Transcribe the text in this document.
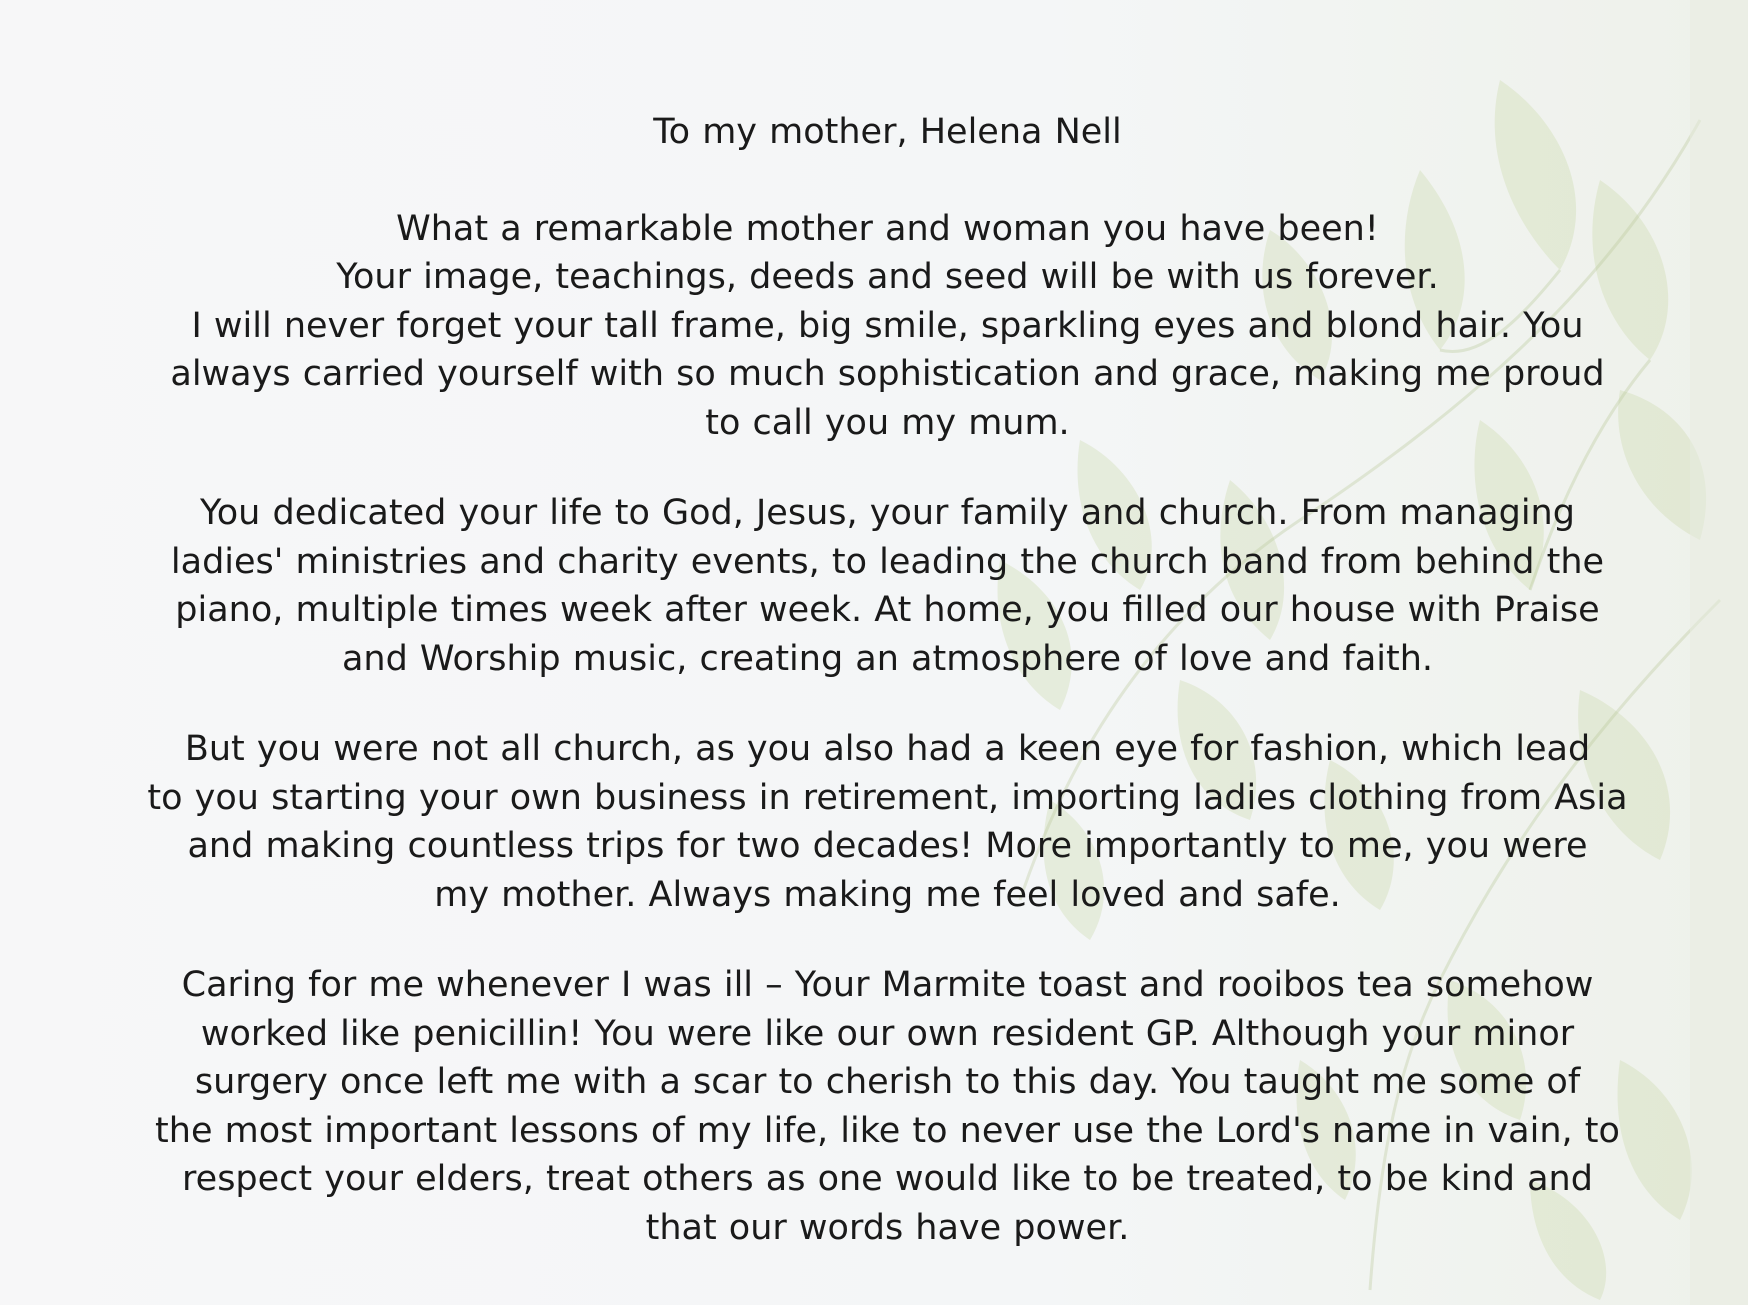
To my mother, Helena Nell

What a remarkable mother and woman you have been!
Your image, teachings, deeds and seed will be with us forever.
I will never forget your tall frame, big smile, sparkling eyes and blond hair. You
always carried yourself with so much sophistication and grace, making me proud
to call you my mum.

You dedicated your life to God, Jesus, your family and church. From managing
ladies' ministries and charity events, to leading the church band from behind the
piano, multiple times week after week. At home, you filled our house with Praise
and Worship music, creating an atmosphere of love and faith.

But you were not all church, as you also had a keen eye for fashion, which lead
to you starting your own business in retirement, importing ladies clothing from Asia
and making countless trips for two decades! More importantly to me, you were
my mother. Always making me feel loved and safe.

Caring for me whenever I was ill – Your Marmite toast and rooibos tea somehow
worked like penicillin! You were like our own resident GP. Although your minor
surgery once left me with a scar to cherish to this day. You taught me some of
the most important lessons of my life, like to never use the Lord's name in vain, to
respect your elders, treat others as one would like to be treated, to be kind and
that our words have power.
